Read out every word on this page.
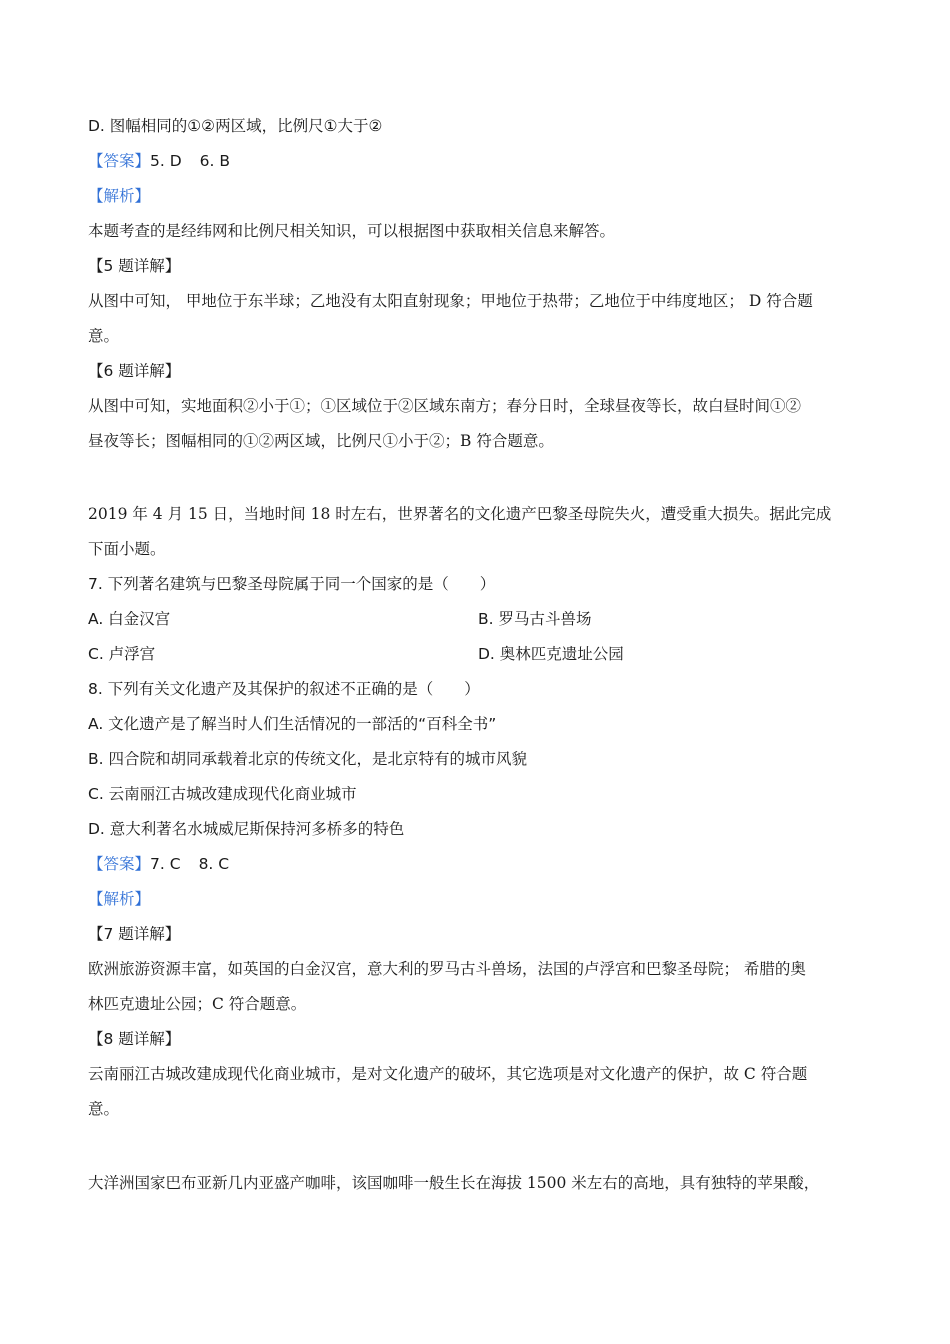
D. 图幅相同的①②两区域，比例尺①大于②
【答案】5. D 6. B
【解析】
本题考查的是经纬网和比例尺相关知识，可以根据图中获取相关信息来解答。
【5 题详解】
从图中可知， 甲地位于东半球；乙地没有太阳直射现象；甲地位于热带；乙地位于中纬度地区； D 符合题
意。
【6 题详解】
从图中可知，实地面积②小于①；①区域位于②区域东南方；春分日时，全球昼夜等长，故白昼时间①②
昼夜等长；图幅相同的①②两区域，比例尺①小于②；B 符合题意。
2019 年 4 月 15 日，当地时间 18 时左右，世界著名的文化遗产巴黎圣母院失火，遭受重大损失。据此完成
下面小题。
7. 下列著名建筑与巴黎圣母院属于同一个国家的是（　　）
A. 白金汉宫	B. 罗马古斗兽场
C. 卢浮宫	D. 奥林匹克遗址公园
8. 下列有关文化遗产及其保护的叙述不正确的是（　　）
A. 文化遗产是了解当时人们生活情况的一部活的“百科全书”
B. 四合院和胡同承载着北京的传统文化，是北京特有的城市风貌
C. 云南丽江古城改建成现代化商业城市
D. 意大利著名水城威尼斯保持河多桥多的特色
【答案】7. C 8. C
【解析】
【7 题详解】
欧洲旅游资源丰富，如英国的白金汉宫，意大利的罗马古斗兽场，法国的卢浮宫和巴黎圣母院； 希腊的奥
林匹克遗址公园；C 符合题意。
【8 题详解】
云南丽江古城改建成现代化商业城市，是对文化遗产的破坏，其它选项是对文化遗产的保护，故 C 符合题
意。
大洋洲国家巴布亚新几内亚盛产咖啡，该国咖啡一般生长在海拔 1500 米左右的高地，具有独特的苹果酸，
